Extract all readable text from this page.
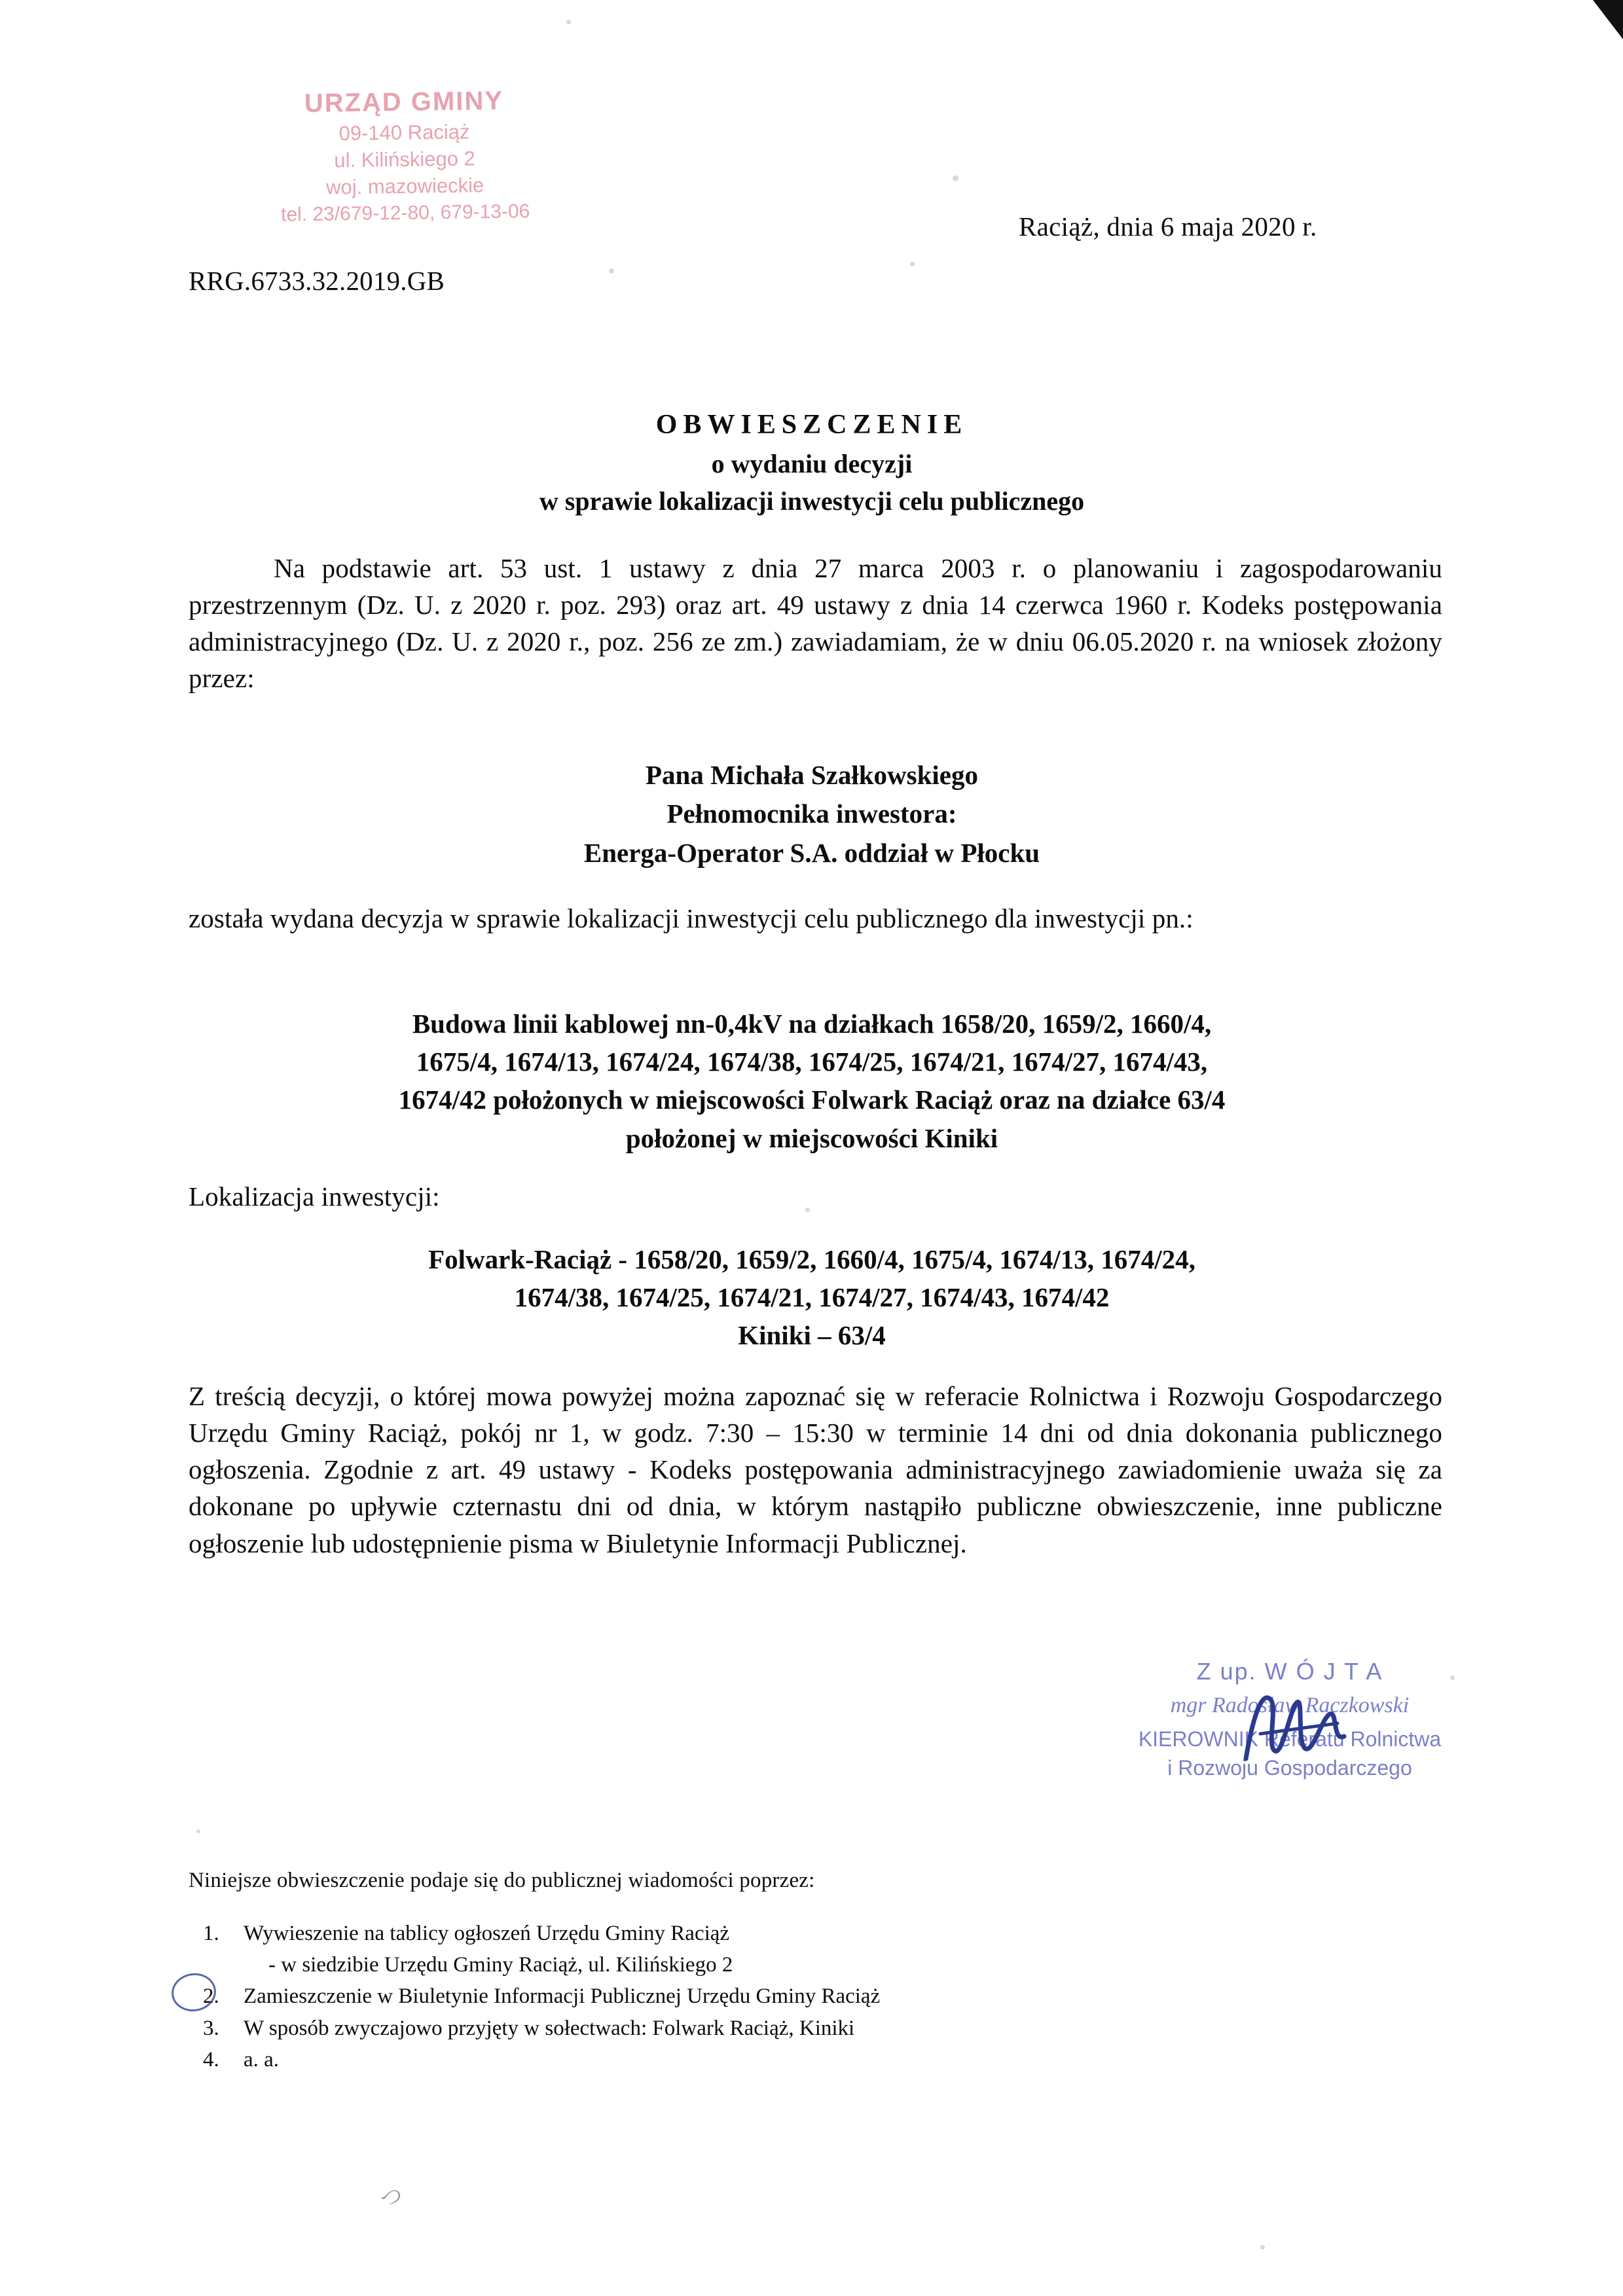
URZĄD GMINY
09-140 Raciąż
ul. Kilińskiego 2
woj. mazowieckie
tel. 23/679-12-80, 679-13-06	Raciąż, dnia 6 maja 2020 r.
RRG.6733.32.2019.GB
OBWIESZCZENIE
o wydaniu decyzji
w sprawie lokalizacji inwestycji celu publicznego
Na podstawie art. 53 ust. 1 ustawy z dnia 27 marca 2003 r. o planowaniu i zagospodarowaniu przestrzennym (Dz. U. z 2020 r. poz. 293) oraz art. 49 ustawy z dnia 14 czerwca 1960 r. Kodeks postępowania administracyjnego (Dz. U. z 2020 r., poz. 256 ze zm.) zawiadamiam, że w dniu 06.05.2020 r. na wniosek złożony przez:
Pana Michała Szałkowskiego
Pełnomocnika inwestora:
Energa-Operator S.A. oddział w Płocku
została wydana decyzja w sprawie lokalizacji inwestycji celu publicznego dla inwestycji pn.:
Budowa linii kablowej nn-0,4kV na działkach 1658/20, 1659/2, 1660/4,
1675/4, 1674/13, 1674/24, 1674/38, 1674/25, 1674/21, 1674/27, 1674/43,
1674/42 położonych w miejscowości Folwark Raciąż oraz na działce 63/4
położonej w miejscowości Kiniki
Lokalizacja inwestycji:
Folwark-Raciąż - 1658/20, 1659/2, 1660/4, 1675/4, 1674/13, 1674/24,
1674/38, 1674/25, 1674/21, 1674/27, 1674/43, 1674/42
Kiniki – 63/4
Z treścią decyzji, o której mowa powyżej można zapoznać się w referacie Rolnictwa i Rozwoju Gospodarczego Urzędu Gminy Raciąż, pokój nr 1, w godz. 7:30 – 15:30 w terminie 14 dni od dnia dokonania publicznego ogłoszenia. Zgodnie z art. 49 ustawy - Kodeks postępowania administracyjnego zawiadomienie uważa się za dokonane po upływie czternastu dni od dnia, w którym nastąpiło publiczne obwieszczenie, inne publiczne ogłoszenie lub udostępnienie pisma w Biuletynie Informacji Publicznej.
Z up. W Ó J T A
mgr Radosław Raczkowski
KIEROWNIK Referatu Rolnictwa
i Rozwoju Gospodarczego
Niniejsze obwieszczenie podaje się do publicznej wiadomości poprzez:
1. Wywieszenie na tablicy ogłoszeń Urzędu Gminy Raciąż
- w siedzibie Urzędu Gminy Raciąż, ul. Kilińskiego 2
2. Zamieszczenie w Biuletynie Informacji Publicznej Urzędu Gminy Raciąż
3. W sposób zwyczajowo przyjęty w sołectwach: Folwark Raciąż, Kiniki
4. a. a.
つ
